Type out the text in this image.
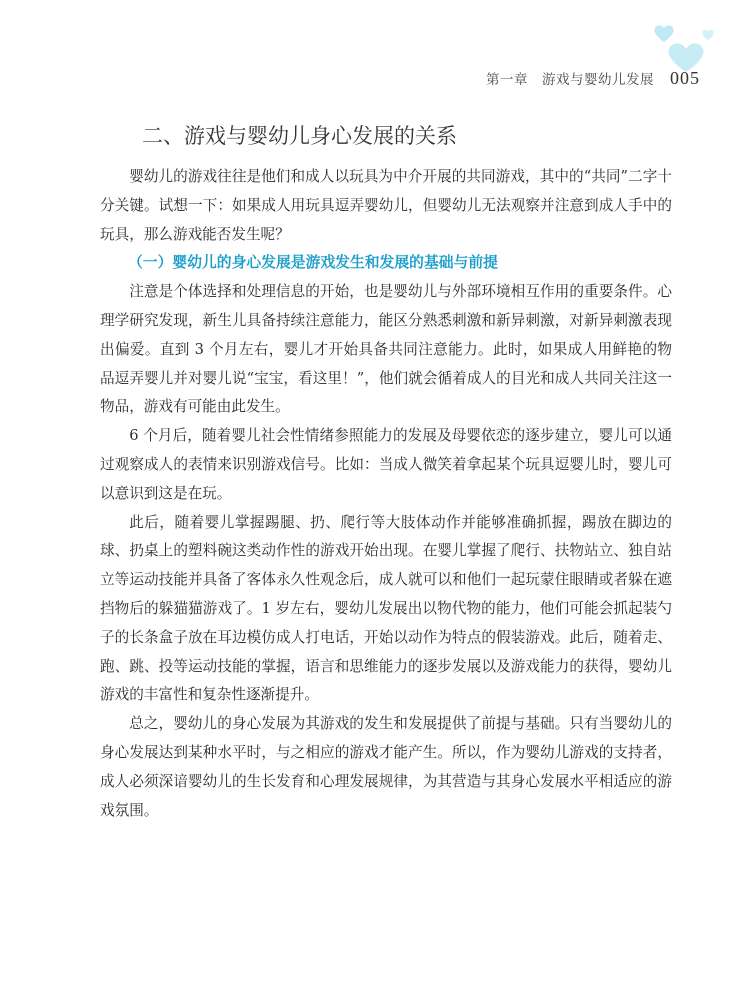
第一章　游戏与婴幼儿发展 005
二、游戏与婴幼儿身心发展的关系

婴幼儿的游戏往往是他们和成人以玩具为中介开展的共同游戏，其中的“共同”二字十分关键。试想一下：如果成人用玩具逗弄婴幼儿，但婴幼儿无法观察并注意到成人手中的玩具，那么游戏能否发生呢？

（一）婴幼儿的身心发展是游戏发生和发展的基础与前提

注意是个体选择和处理信息的开始，也是婴幼儿与外部环境相互作用的重要条件。心理学研究发现，新生儿具备持续注意能力，能区分熟悉刺激和新异刺激，对新异刺激表现出偏爱。直到 3 个月左右，婴儿才开始具备共同注意能力。此时，如果成人用鲜艳的物品逗弄婴儿并对婴儿说“宝宝，看这里！”，他们就会循着成人的目光和成人共同关注这一物品，游戏有可能由此发生。

6 个月后，随着婴儿社会性情绪参照能力的发展及母婴依恋的逐步建立，婴儿可以通过观察成人的表情来识别游戏信号。比如：当成人微笑着拿起某个玩具逗婴儿时，婴儿可以意识到这是在玩。

此后，随着婴儿掌握踢腿、扔、爬行等大肢体动作并能够准确抓握，踢放在脚边的球、扔桌上的塑料碗这类动作性的游戏开始出现。在婴儿掌握了爬行、扶物站立、独自站立等运动技能并具备了客体永久性观念后，成人就可以和他们一起玩蒙住眼睛或者躲在遮挡物后的躲猫猫游戏了。1 岁左右，婴幼儿发展出以物代物的能力，他们可能会抓起装勺子的长条盒子放在耳边模仿成人打电话，开始以动作为特点的假装游戏。此后，随着走、跑、跳、投等运动技能的掌握，语言和思维能力的逐步发展以及游戏能力的获得，婴幼儿游戏的丰富性和复杂性逐渐提升。

总之，婴幼儿的身心发展为其游戏的发生和发展提供了前提与基础。只有当婴幼儿的身心发展达到某种水平时，与之相应的游戏才能产生。所以，作为婴幼儿游戏的支持者，成人必须深谙婴幼儿的生长发育和心理发展规律，为其营造与其身心发展水平相适应的游戏氛围。
